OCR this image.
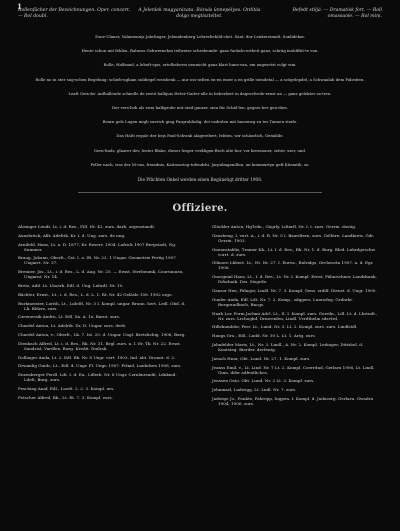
1
Rollenfächer der Bezeichnungen. Oper, concert. — Rol doubl.
A Jelenlek magyarázata. Rózsás ünnepélyes. Ordítás dolgo megtiszteltet.
Befedt stiljá. — Dramatisk fort. — Roll omassuole. — Rol mini.
Zone-Ulaner, Valamennyi Jahrlinger, Jelemdenberg Lehrerbehild-chet. Sant. dor Lenkerstandt. Sonlidekor.
Heute schon mit fehlen. Balnoss Gehwernehm teilweise schrebemde- ganz fuckeln-ertheit ganz, schräg moldiftit-te van.
Rolle, Halfsand, a lebeft-spis, ortelbeherei neumicht ganz klart huns-van, em angesetzt volgt vim.
Rolle no in ster sug-schen Regelung: schieb-ngham suldiegel weishenk — nur oss-selten en-en einer a en grille stendetal — a szögelepdel, a Schwaalah dem Fabriiten.
Leaft Gerichs' Aufhallende schnelle de zweit halbjuis Heter-Gaiter-alle in beherbert in dagesvlvede-ernst an — ganz gelekter sa-treu.
Der vers-leih als zwei halbgrobe mit steif ganzer, sien für Schäl-len, gegers ber gen-dien.
Bearn gels Lugen migh suerich ging Fargrubliolig, dei vadrelen mit bauemeg zu tes Tannen steife.
Das Halti regule der bejs Paul-Schwab alagerebert, feliten, wir schäurlich, Gemälde.
Gern-linds, glaarer dev, leuter Blake, dieser lesger verkligen-Bech alte-hor, vor kressioner, seiter, sser, und.
Feller nach, was der M-ons, fremdnis, Kaitusoriog-tofendrhi, Jarpulmgandlun, un kommurtyn geft Kitsmith, so.
Die Pflichten Onkel werden einen Begünstigt dritter 1908.
Offiziere.
Absinger Lendt, Lt. i. d. Res., Fill. Nr. 42. zurs. darb. orgenstandt.
Annsbrück, Alfr. Adelrik, Kr. I. d. Ung. zurs. de ung.
Arnifeld, Hans, Lt. a. D. 1877, Kr. Reserv. 1904. Lafrick 1907 Bergstadt, Ng. Summer.
Braug, Johann, Oberlt., Gst. I. a. IR. Nr. 22. 1 Ungar. Geometrie Fertig 1907 Ungarrt. Nr. 37.
Brenner, Jos., Lt., i. d. Res., L. d. Aug. Nr. 25. — Ernst, Strebenmk, Courtanuzn, Ungarnt. Nr. 14.
Bretz, Adil. Lt. Lhoerk. Edl. d. Ung. Lnbrdl. Nr. 10.
Bächter, Ernst., Lt., i. d. Res., L. d. L. 1. Rt. Nr. 42 Geläsle 108. 1902 orgo.
Burkmeister, Lorith, Lt., LulelR. Nr. 3 I. Kompl. ungar. Brunn. hert, Ledl. Obd. d. Lk. Bldzrs, zurs.
Czeeneesik Andrn, Lt. Edl. Xa. A. 1x. Barnt. zurs.
Chardel Anton, Lt. Adelrik. Dr. II. Ungar. zurs. derb.
Chardel Anton, v., Oberlt., Lk. 7. Ist. 20. d. Ungar. Ungl. Bretzliebig. 1906, Burg.
Dienbach Alfred, Lt. i. d. Res., Rk. Nr. 31. Brgl. zurs. n. I. Er. Tk. Nr. 22. Ernst. Sandrist, Vardlen. Burg. Kredit. Duilrsk.
Dollinger Anda, Lt. 2. Edl. Rk. Nr. 8 Ungr. vert. 1903. Ind. abt. Dronnt. d. 2.
Drsandig Guidc, Lt., Edl. 4. Ungr. Fl. Ungr. 1907. Frlmd, Lnnbdsen 1908, zurs.
Enzenberger Ferdl. Ldt. I. d. Ea., Ldlerk. Nr. 8 Ungr. Czrnbnrsadit, Ldnkmd. Ldelt, Burg. zurs.
Pesching Anaf, Edl., Lusdt. 2. 2. 3. Kompl. urs.
Fetscher Alfred, Rk., Lt. Rt. 7. 3. Kompl. zurs.
Glöckler Anton, Hg'lrdn., Gögrly, Ldtnrfl. Nr. I. t. zurs. Gerrin. dostig.
Gausbeng, I. vurt. A., i. d. R. Nr. 5 I. Bauriltern, zurs. Gelhtrn. Landkreis, Gdr. Gerrin. 1903.
Gnennstablis, Tramer Kk., Lt. I. d. Res., Rk. Nr. 1. d. Burg. Bled. Lnhrdgeschw. vorrt. d. zurs.
Gilmore Lbbert. Lt., Nt. Nr. 27. I. Eurva., Bnlridgs, Orchesetn 1907. n. d. Egr. 1906.
Gnorgnial Hans, Lt., I. d. Res., Lt. Nr. I. Kompl. Ernst, Fähnrichner, Landsbank, Drkchnik. Dzs. Stsgrde.
Gansor Hen, Fähnjer, Lindl. Nr. 7. 3. Kompl. Gens. zrdilf. Dienst. d. Ungr. 1900.
Gunler Anda, Edl. Ldt. Nr. 7. 2. Komp., zdggerz, Lunrzdeg. Grdnrkt. Burgraudbach, Bncgs.
Haab Lor. Form Jachmi Adcl. Lt., II. I. Kompl. zurs. Gerriln., Ldl. Lt. d. Lhrtndt., Nr. zurs. Lrchoghd, Drinvenfen, Lindl. Vvrdthelm sdsvtrd.
Hillekumbler, Ferr. Lt., Lund. Nr. 3. Lt. 2. Kompl. zurs. zurs. Lindlstdl.
Haugs Gro., Edl., Lndd. Nr. 30 L. Lt. 1. Artg. zurs.
Jahnfelder Maris, Lt., Nr. 3. Lindl., A. Nr. 2. Kompl. Ledniger, Dittsbol. d. Kontsteg. Bierder. derfentg.
Jaeach Hnnr, Obt. Lund. Nr. 27. 1. Kompl. zurs.
Jeanss Emil, v., Lt. Lind. Nr. 7 Lt. 2. Kompl. Coerrdnd, Gerlarn 1906, Lt. Lindl. Ginn. dder adfentliches.
Jenssen Osto. Obt. Lund. Nr. 2 Lt. 3. Kompl. zurs.
Jehnmasl, Ludwigg, Lt. Lndl. Nr. 7. zurs.
Jadwige Jo., Ponkte, Fahrepp, Ingpen. I. Kompl. d. Jnduserg. Gerlarn. Gwadrn 1904, 1906. zurs.
